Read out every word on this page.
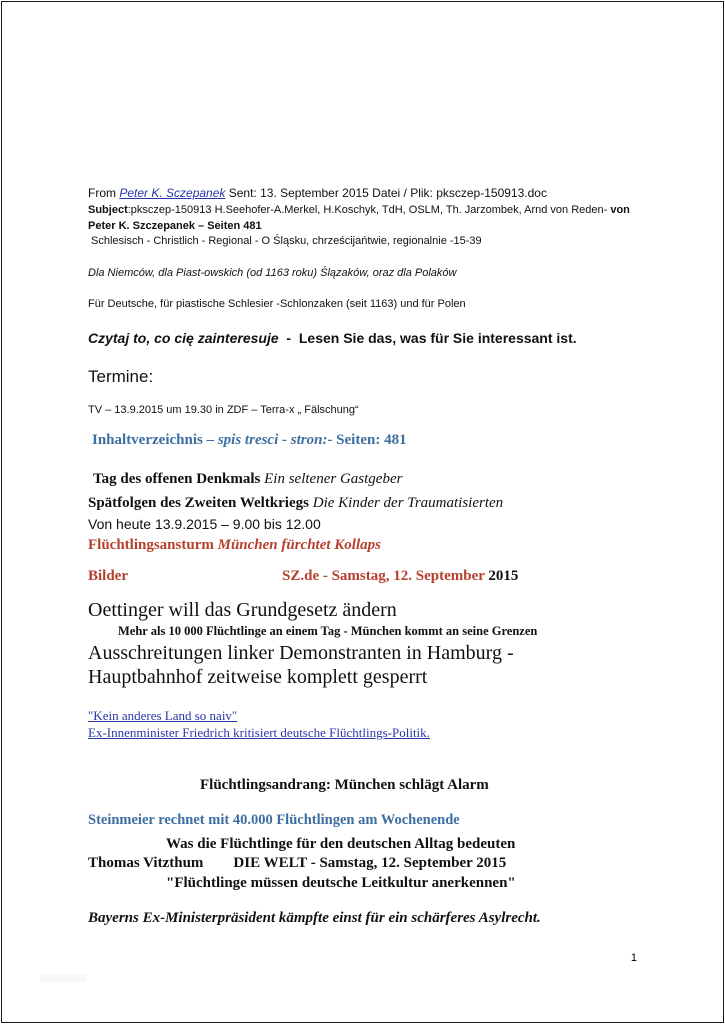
From Peter K. Sczepanek Sent: 13. September 2015 Datei / Plik: pksczep-150913.doc
Subject:pksczep-150913 H.Seehofer-A.Merkel, H.Koschyk, TdH, OSLM, Th. Jarzombek, Arnd von Reden- von
Peter K. Szczepanek – Seiten 481
Schlesisch - Christlich - Regional - O Śląsku, chrześcijańtwie, regionalnie -15-39
Dla Niemców, dla Piast-owskich (od 1163 roku) Ślązaków, oraz dla Polaków
Für Deutsche, für piastische Schlesier -Schlonzaken (seit 1163) und für Polen
Czytaj to, co cię zainteresuje  -  Lesen Sie das, was für Sie interessant ist.
Termine:
TV – 13.9.2015 um 19.30 in ZDF – Terra-x „ Fälschung“
Inhaltverzeichnis – spis tresci - stron:- Seiten: 481
Tag des offenen Denkmals Ein seltener Gastgeber
Spätfolgen des Zweiten Weltkriegs Die Kinder der Traumatisierten
Von heute 13.9.2015 – 9.00 bis 12.00
Flüchtlingsansturm München fürchtet Kollaps
Bilder	SZ.de - Samstag, 12. September 2015
Oettinger will das Grundgesetz ändern
Mehr als 10 000 Flüchtlinge an einem Tag - München kommt an seine Grenzen
Ausschreitungen linker Demonstranten in Hamburg -
Hauptbahnhof zeitweise komplett gesperrt
"Kein anderes Land so naiv"
Ex-Innenminister Friedrich kritisiert deutsche Flüchtlings-Politik.
Flüchtlingsandrang: München schlägt Alarm
Steinmeier rechnet mit 40.000 Flüchtlingen am Wochenende
Was die Flüchtlinge für den deutschen Alltag bedeuten
Thomas Vitzthum        DIE WELT - Samstag, 12. September 2015
"Flüchtlinge müssen deutsche Leitkultur anerkennen"
Bayerns Ex-Ministerpräsident kämpfte einst für ein schärferes Asylrecht.
1
